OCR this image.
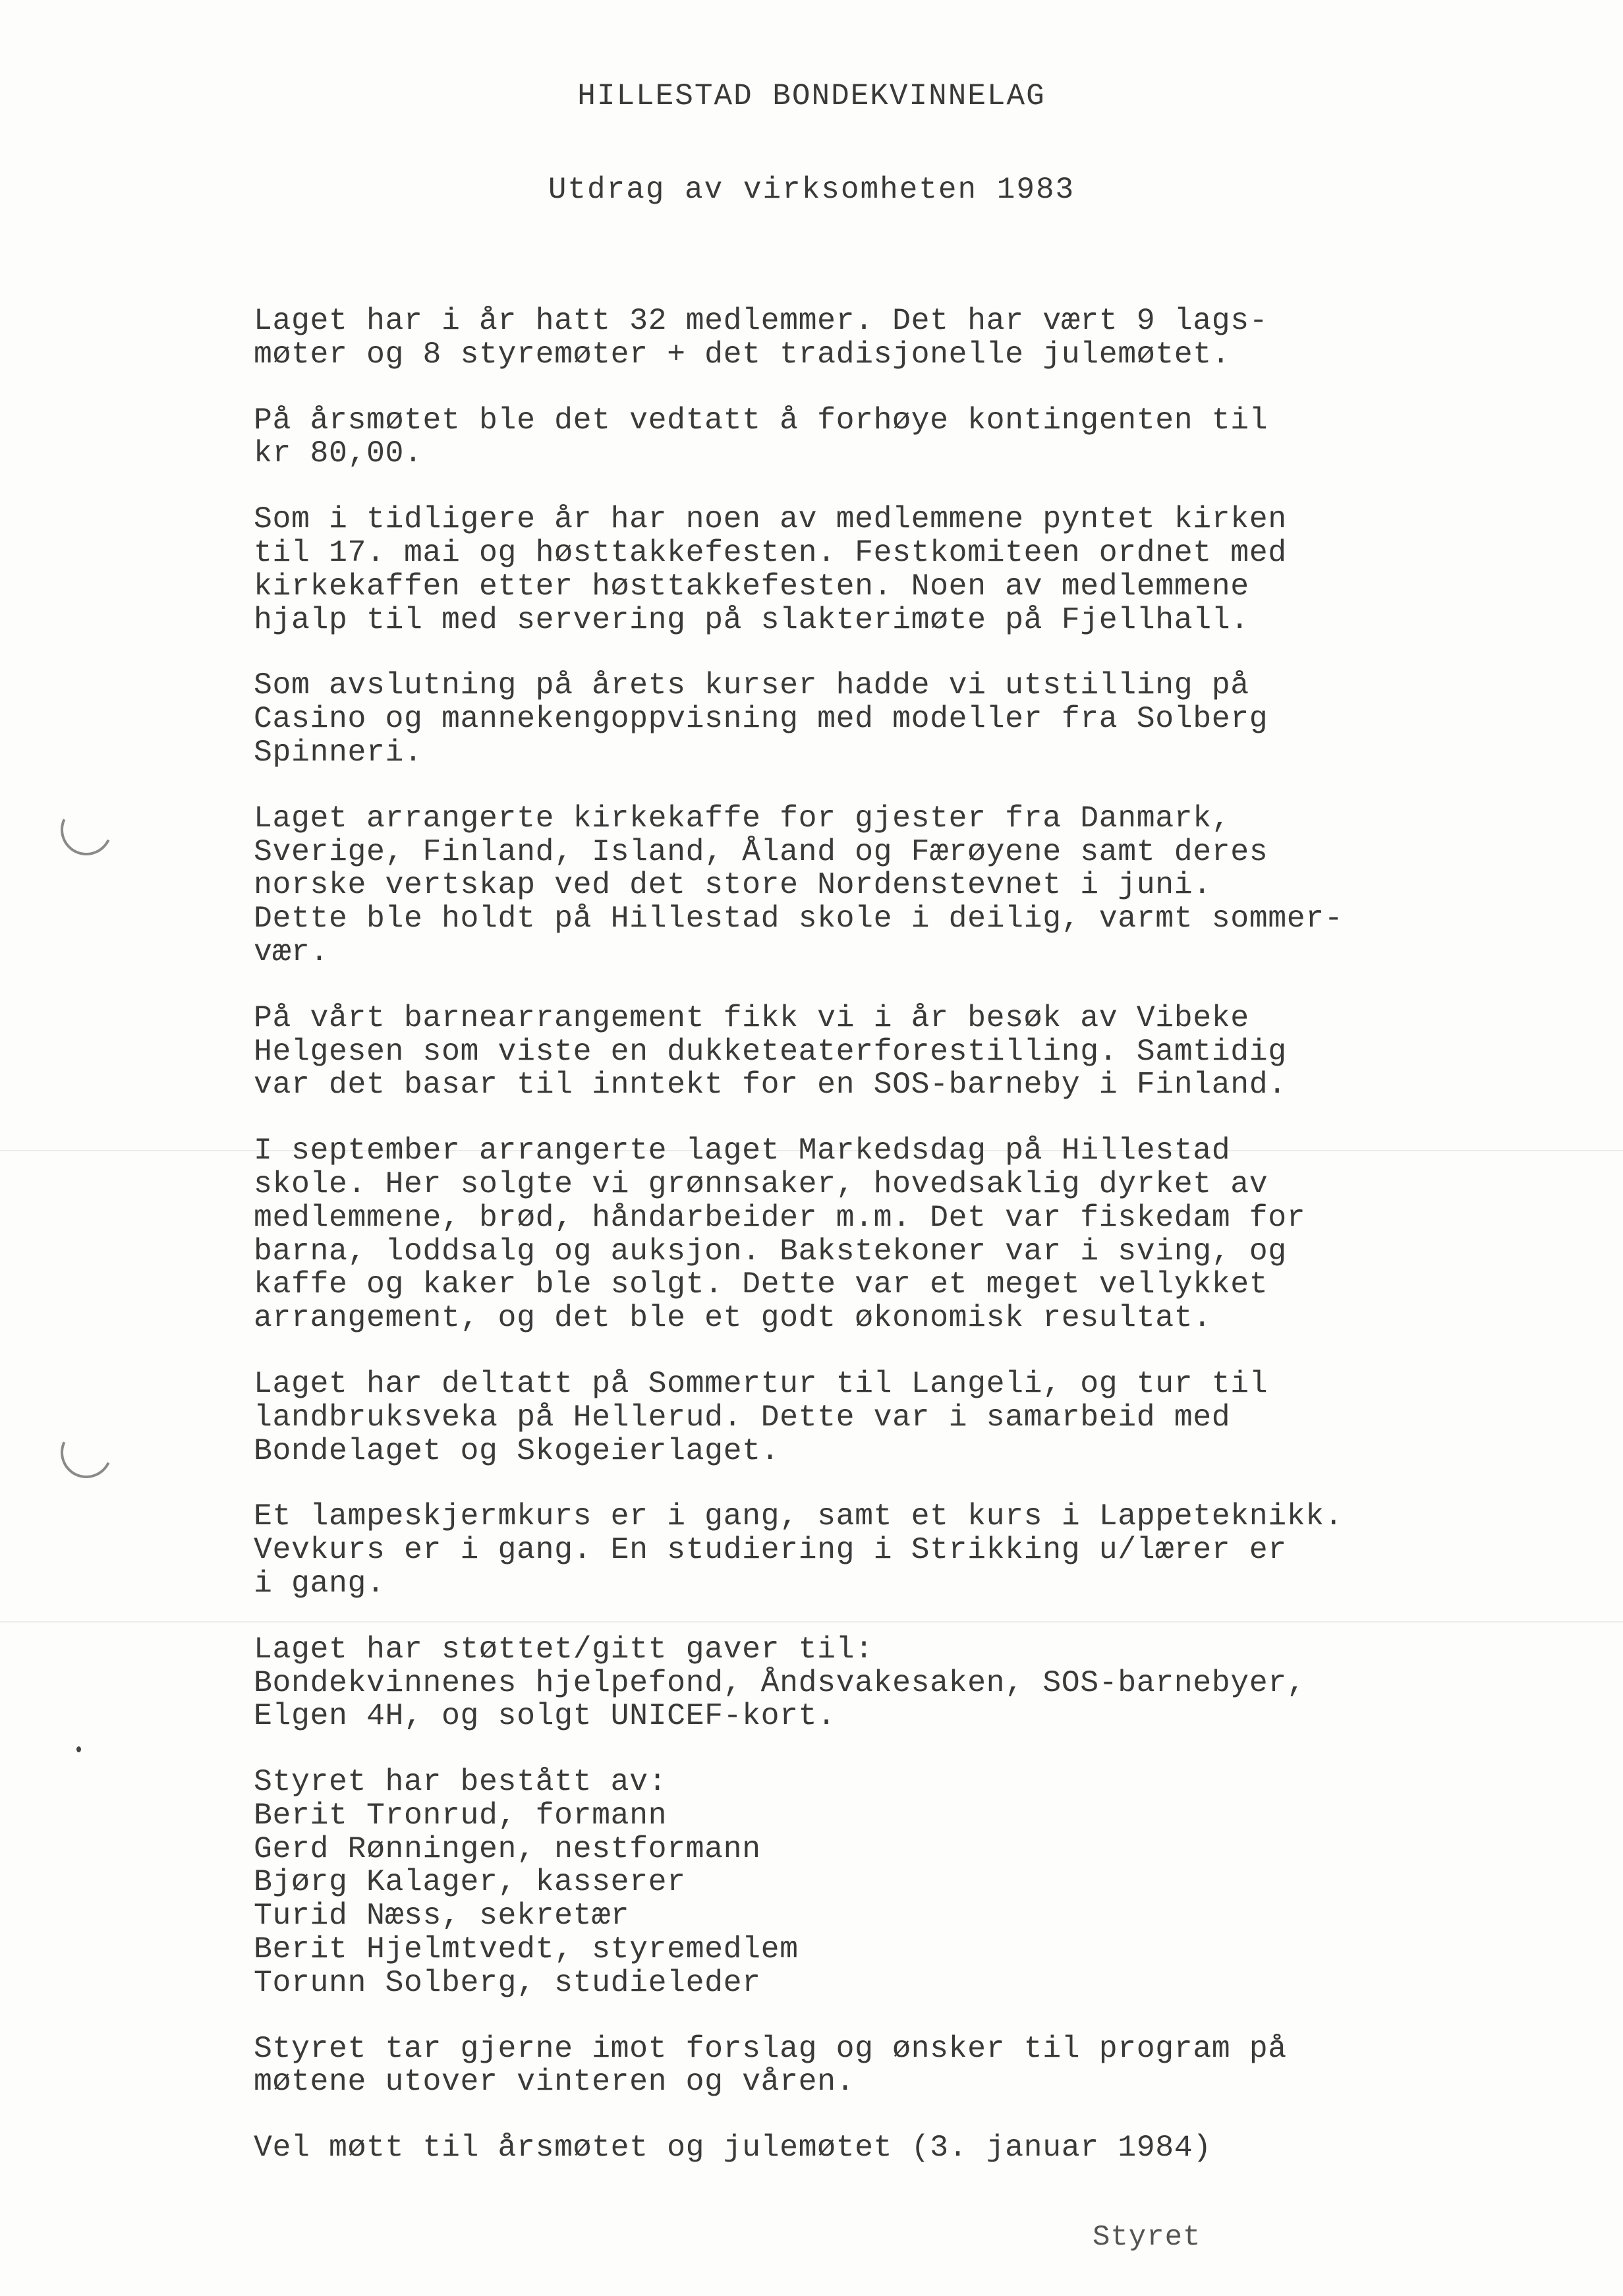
HILLESTAD BONDEKVINNELAG
Utdrag av virksomheten 1983
Laget har i år hatt 32 medlemmer. Det har vært 9 lags-
møter og 8 styremøter + det tradisjonelle julemøtet.
På årsmøtet ble det vedtatt å forhøye kontingenten til
kr 80,00.
Som i tidligere år har noen av medlemmene pyntet kirken
til 17. mai og høsttakkefesten. Festkomiteen ordnet med
kirkekaffen etter høsttakkefesten. Noen av medlemmene
hjalp til med servering på slakterimøte på Fjellhall.
Som avslutning på årets kurser hadde vi utstilling på
Casino og mannekengoppvisning med modeller fra Solberg
Spinneri.
Laget arrangerte kirkekaffe for gjester fra Danmark,
Sverige, Finland, Island, Åland og Færøyene samt deres
norske vertskap ved det store Nordenstevnet i juni.
Dette ble holdt på Hillestad skole i deilig, varmt sommer-
vær.
På vårt barnearrangement fikk vi i år besøk av Vibeke
Helgesen som viste en dukketeaterforestilling. Samtidig
var det basar til inntekt for en SOS-barneby i Finland.
I september arrangerte laget Markedsdag på Hillestad
skole. Her solgte vi grønnsaker, hovedsaklig dyrket av
medlemmene, brød, håndarbeider m.m. Det var fiskedam for
barna, loddsalg og auksjon. Bakstekoner var i sving, og
kaffe og kaker ble solgt. Dette var et meget vellykket
arrangement, og det ble et godt økonomisk resultat.
Laget har deltatt på Sommertur til Langeli, og tur til
landbruksveka på Hellerud. Dette var i samarbeid med
Bondelaget og Skogeierlaget.
Et lampeskjermkurs er i gang, samt et kurs i Lappeteknikk.
Vevkurs er i gang. En studiering i Strikking u/lærer er
i gang.
Laget har støttet/gitt gaver til:
Bondekvinnenes hjelpefond, Åndsvakesaken, SOS-barnebyer,
Elgen 4H, og solgt UNICEF-kort.
Styret har bestått av:
Berit Tronrud, formann
Gerd Rønningen, nestformann
Bjørg Kalager, kasserer
Turid Næss, sekretær
Berit Hjelmtvedt, styremedlem
Torunn Solberg, studieleder
Styret tar gjerne imot forslag og ønsker til program på
møtene utover vinteren og våren.
Vel møtt til årsmøtet og julemøtet (3. januar 1984)
Styret
